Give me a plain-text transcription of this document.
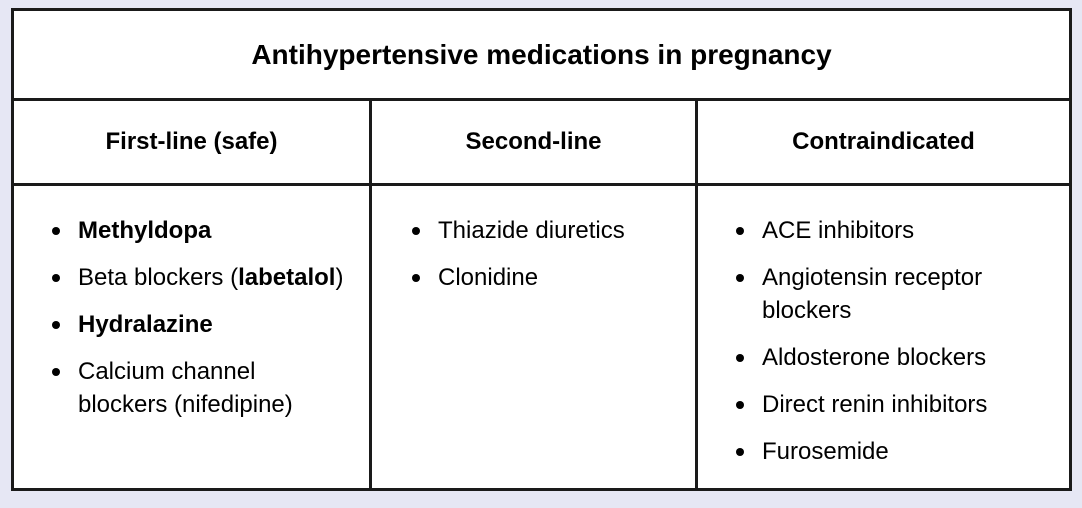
Antihypertensive medications in pregnancy
First-line (safe)
Methyldopa
Beta blockers (labetalol)
Hydralazine
Calcium channel blockers (nifedipine)
Second-line
Thiazide diuretics
Clonidine
Contraindicated
ACE inhibitors
Angiotensin receptor blockers
Aldosterone blockers
Direct renin inhibitors
Furosemide
